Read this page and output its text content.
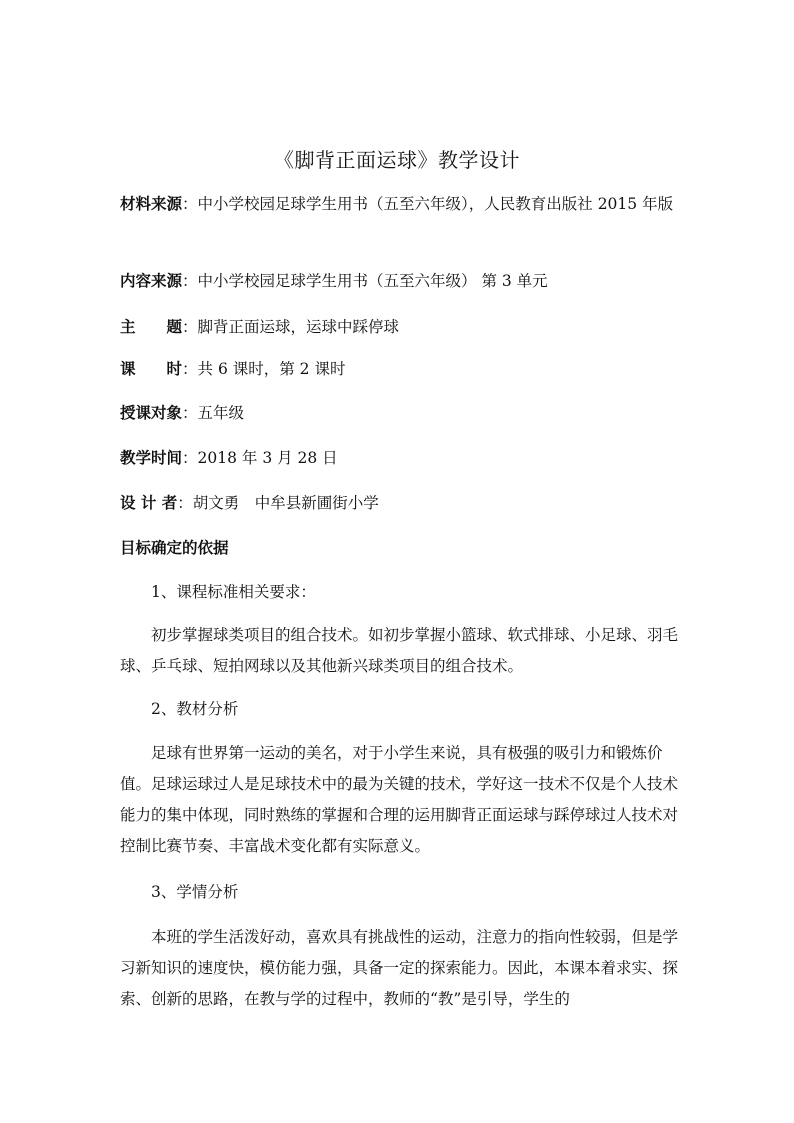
《脚背正面运球》教学设计
材料来源：中小学校园足球学生用书（五至六年级），人民教育出版社 2015 年版
内容来源：中小学校园足球学生用书（五至六年级） 第 3 单元
主　　题：脚背正面运球，运球中踩停球
课　　时：共 6 课时，第 2 课时
授课对象：五年级
教学时间：2018 年 3 月 28 日
设 计 者：胡文勇　中牟县新圃街小学
目标确定的依据
1、课程标准相关要求：
初步掌握球类项目的组合技术。如初步掌握小篮球、软式排球、小足球、羽毛球、乒乓球、短拍网球以及其他新兴球类项目的组合技术。
2、教材分析
足球有世界第一运动的美名，对于小学生来说，具有极强的吸引力和锻炼价值。足球运球过人是足球技术中的最为关键的技术，学好这一技术不仅是个人技术能力的集中体现，同时熟练的掌握和合理的运用脚背正面运球与踩停球过人技术对控制比赛节奏、丰富战术变化都有实际意义。
3、学情分析
本班的学生活泼好动，喜欢具有挑战性的运动，注意力的指向性较弱，但是学习新知识的速度快，模仿能力强，具备一定的探索能力。因此，本课本着求实、探索、创新的思路，在教与学的过程中，教师的“教”是引导，学生的
